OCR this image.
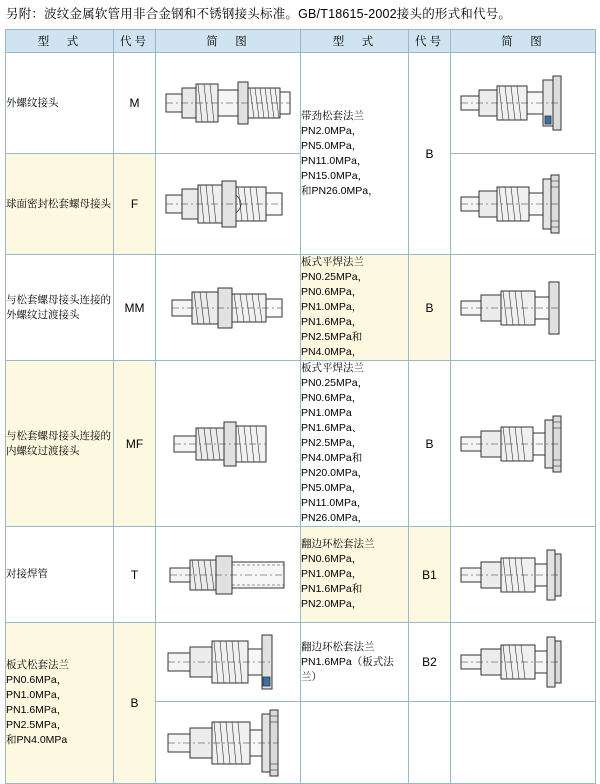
另附：波纹金属软管用非合金钢和不锈钢接头标准。GB/T18615-2002接头的形式和代号。
型　式	代号	简　图	型　式	代号	简　图
外螺纹接头	M		带劲松套法兰
PN2.0MPa，PN5.0MPa，
PN11.0MPa，PN15.0MPa，
和PN26.0MPa，	B	

球面密封松套螺母接头	F	

与松套螺母接头连接的外螺纹过渡接头	MM		板式平焊法兰
PN0.25MPa，PN0.6MPa，
PN1.0MPa，PN1.6MPa，
PN2.5MPa和PN4.0MPa，	B	

与松套螺母接头连接的内螺纹过渡接头	MF	
	板式平焊法兰
PN0.25MPa，PN0.6MPa，
PN1.0MPa　PN1.6MPa、
PN2.5MPa，PN4.0MPa和
PN20.0MPa，PN5.0MPa，
PN11.0MPa，PN26.0MPa，	B	

对接焊管	T		翻边环松套法兰
PN0.6MPa，PN1.0MPa，
PN1.6MPa和PN2.0MPa，	B1	

板式松套法兰
PN0.6MPa，PN1.0MPa，
PN1.6MPa，PN2.5MPa，
和PN4.0MPa	B		翻边环松套法兰
PN1.6MPa（板式法兰）	B2	
